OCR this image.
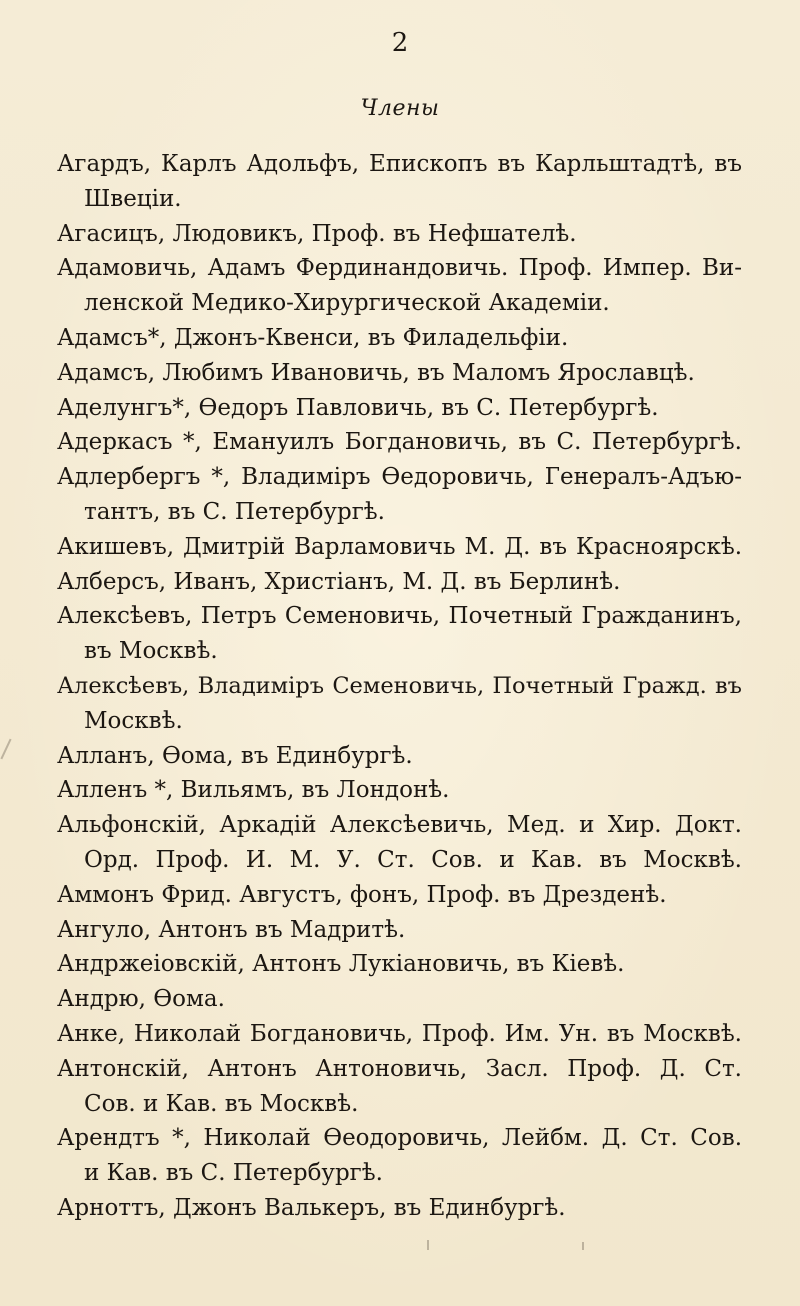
2
Члены
Агардъ, Карлъ Адольфъ, Епископъ въ Карльштадтѣ, въ
Швеціи.
Агасицъ, Людовикъ, Проф. въ Нефшателѣ.
Адамовичь, Адамъ Фердинандовичь. Проф. Импер. Ви-
ленской Медико-Хирургической Академіи.
Адамсъ*, Джонъ-Квенси, въ Филадельфіи.
Адамсъ, Любимъ Ивановичь, въ Маломъ Ярославцѣ.
Аделунгъ*, Өедоръ Павловичь, въ С. Петербургѣ.
Адеркасъ *, Емануилъ Богдановичь, въ С. Петербургѣ.
Адлербергъ *, Владиміръ Өедоровичь, Генералъ-Адъю-
тантъ, въ С. Петербургѣ.
Акишевъ, Дмитрій Варламовичь М. Д. въ Красноярскѣ.
Алберсъ, Иванъ, Христіанъ, М. Д. въ Берлинѣ.
Алексѣевъ, Петръ Семеновичь, Почетный Гражданинъ,
въ Москвѣ.
Алексѣевъ, Владиміръ Семеновичь, Почетный Гражд. въ
Москвѣ.
Алланъ, Өома, въ Единбургѣ.
Алленъ *, Вильямъ, въ Лондонѣ.
Альфонскій, Аркадій Алексѣевичь, Мед. и Хир. Докт.
Орд. Проф. И. М. У. Ст. Сов. и Кав. въ Москвѣ.
Аммонъ Фрид. Августъ, фонъ, Проф. въ Дрезденѣ.
Ангуло, Антонъ въ Мадритѣ.
Андржеіовскій, Антонъ Лукіановичь, въ Кіевѣ.
Андрю, Өома.
Анке, Николай Богдановичь, Проф. Им. Ун. въ Москвѣ.
Антонскій, Антонъ Антоновичь, Засл. Проф. Д. Ст.
Сов. и Кав. въ Москвѣ.
Арендтъ *, Николай Өеодоровичь, Лейбм. Д. Ст. Сов.
и Кав. въ С. Петербургѣ.
Арноттъ, Джонъ Валькеръ, въ Единбургѣ.
